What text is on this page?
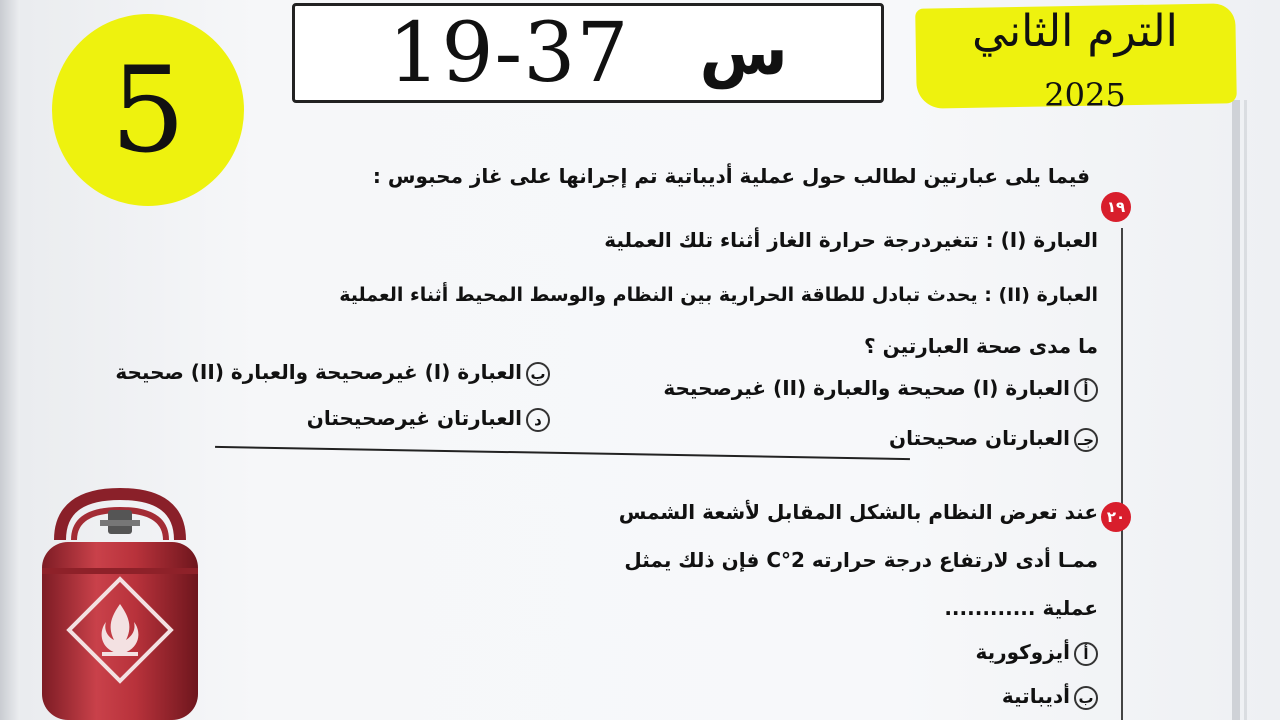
5	س
19-37	الترم الثاني
2025
١٩
فيما يلى عبارتين لطالب حول عملية أديباتية تم إجرانها على غاز محبوس :
العبارة (I) : تتغيردرجة حرارة الغاز أثناء تلك العملية
العبارة (II) : يحدث تبادل للطاقة الحرارية بين النظام والوسط المحيط أثناء العملية
ما مدى صحة العبارتين ؟
أالعبارة (I) صحيحة والعبارة (II) غيرصحيحة
بالعبارة (I) غيرصحيحة والعبارة (II) صحيحة
جـالعبارتان صحيحتان
دالعبارتان غيرصحيحتان
٢٠
عند تعرض النظام بالشكل المقابل لأشعة الشمس
ممـا أدى لارتفاع درجة حرارته 2°C فإن ذلك يمثل
عملية ............
أأيزوكورية
بأديباتية
